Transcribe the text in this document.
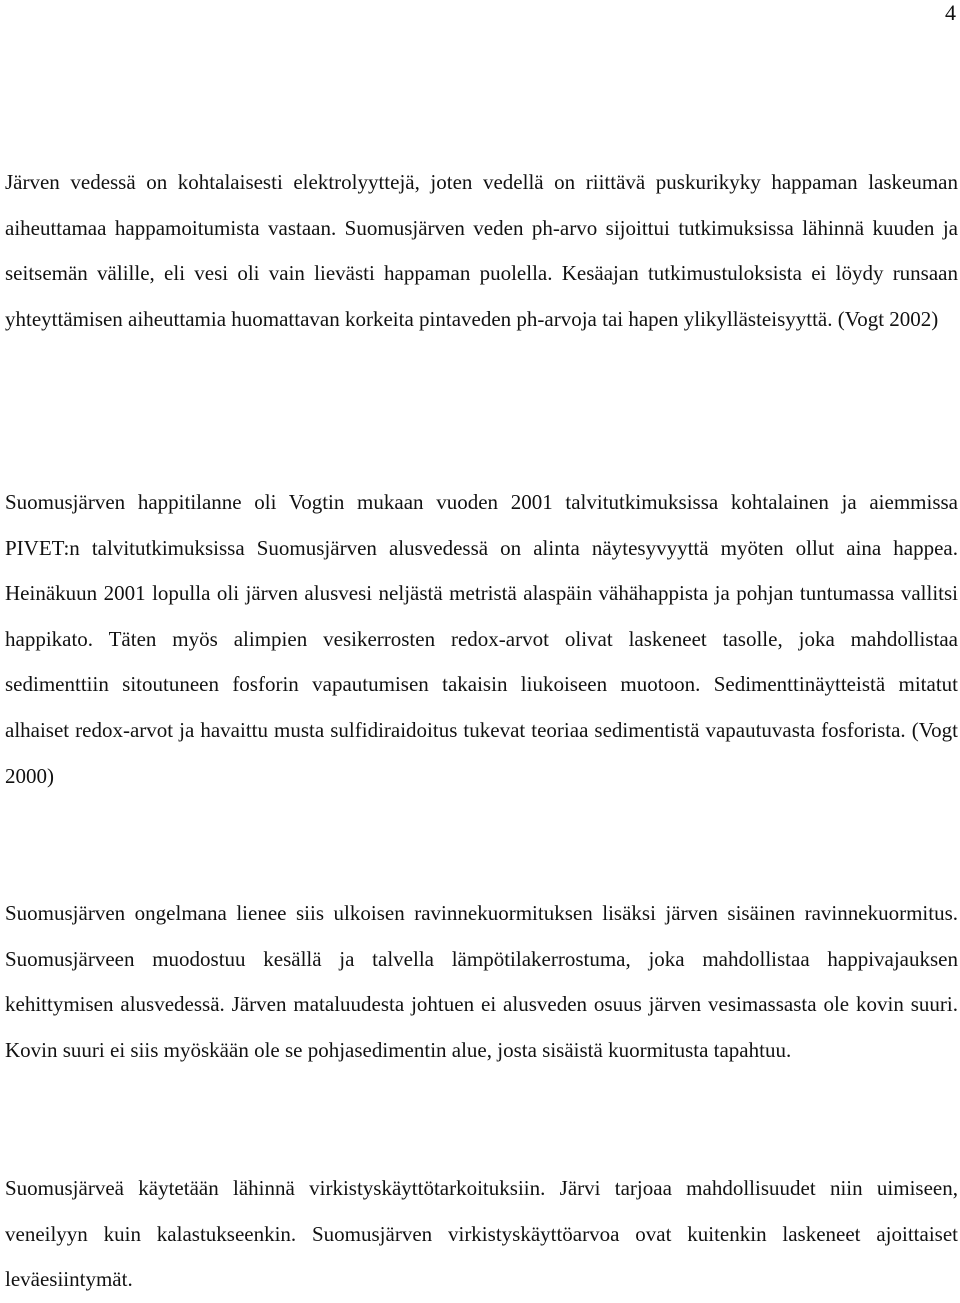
4

Järven vedessä on kohtalaisesti elektrolyyttejä, joten vedellä on riittävä puskurikyky happaman laskeuman aiheuttamaa happamoitumista vastaan. Suomusjärven veden ph-arvo sijoittui tutkimuksissa lähinnä kuuden ja seitsemän välille, eli vesi oli vain lievästi happaman puolella. Kesäajan tutkimustuloksista ei löydy runsaan yhteyttämisen aiheuttamia huomattavan korkeita pintaveden ph-arvoja tai hapen ylikyllästeisyyttä. (Vogt 2002)

Suomusjärven happitilanne oli Vogtin mukaan vuoden 2001 talvitutkimuksissa kohtalainen ja aiemmissa PIVET:n talvitutkimuksissa Suomusjärven alusvedessä on alinta näytesyvyyttä myöten ollut aina happea. Heinäkuun 2001 lopulla oli järven alusvesi neljästä metristä alaspäin vähähappista ja pohjan tuntumassa vallitsi happikato. Täten myös alimpien vesikerrosten redox-arvot olivat laskeneet tasolle, joka mahdollistaa sedimenttiin sitoutuneen fosforin vapautumisen takaisin liukoiseen muotoon. Sedimenttinäytteistä mitatut alhaiset redox-arvot ja havaittu musta sulfidiraidoitus tukevat teoriaa sedimentistä vapautuvasta fosforista. (Vogt 2000)

Suomusjärven ongelmana lienee siis ulkoisen ravinnekuormituksen lisäksi järven sisäinen ravinnekuormitus. Suomusjärveen muodostuu kesällä ja talvella lämpötilakerrostuma, joka mahdollistaa happivajauksen kehittymisen alusvedessä. Järven mataluudesta johtuen ei alusveden osuus järven vesimassasta ole kovin suuri. Kovin suuri ei siis myöskään ole se pohjasedimentin alue, josta sisäistä kuormitusta tapahtuu.

Suomusjärveä käytetään lähinnä virkistyskäyttötarkoituksiin. Järvi tarjoaa mahdollisuudet niin uimiseen, veneilyyn kuin kalastukseenkin. Suomusjärven virkistyskäyttöarvoa ovat kuitenkin laskeneet ajoittaiset leväesiintymät.
